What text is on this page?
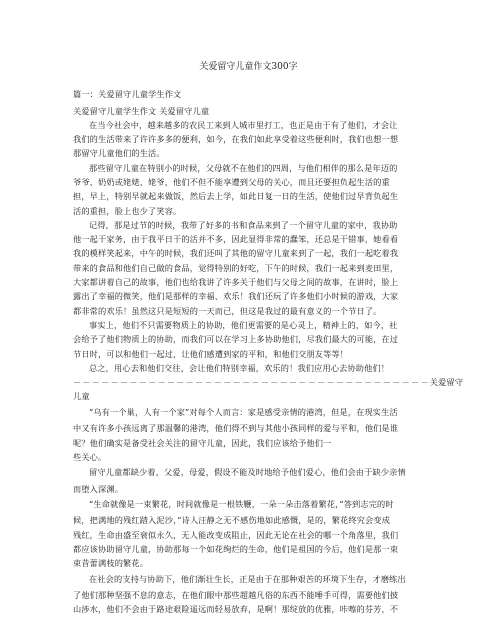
关爱留守儿童作文300字
篇一：关爱留守儿童学生作文
关爱留守儿童学生作文 关爱留守儿童
在当今社会中，越来越多的农民工来到人城市里打工，也正是由于有了他们，才会让
我们的生活带来了许许多多的便利，如今，在我们如此享受着这些便利时，我们也想一想
那留守儿童他们的生活。
那些留守儿童在特别小的时候，父母就不在他们的四周，与他们相伴的那么是年迈的
爷爷、奶奶或姥姥、姥爷，他们不但不能享遭到父母的关心，而且还要担负起生活的重
担，早上，特别早就起来做饭，然后去上学，如此日复一日的生活，使他们过早背负起生
活的重担，脸上也少了笑容。
记得，那是过节的时候，我带了好多的书和食品来到了一个留守儿童的家中，我协助
他一起干家务，由于我平日干的活并不多，因此显得非常的蠢笨，还总是干错事，她看看
我的模样笑起来，中午的时候，我们还叫了其他的留守儿童来到了一起，我们一起吃着我
带来的食品和他们自己做的食品，觉得特别的好吃，下午的时候，我们一起来到麦田里，
大家都讲着自己的故事，他们也给我讲了许多关于他们与父母之间的故事，在讲时，脸上
露出了幸福的微笑，他们是那样的幸福、欢乐！我们还玩了许多他们小时候的游戏，大家
都非常的欢乐！虽然这只是短短的一天而已，但这是我过的最有意义的一个节日了。
事实上，他们不只需要物质上的协助，他们更需要的是心灵上，精神上的，如今，社
会给予了他们物质上的协助，而我们可以在学习上多协助他们，尽我们最大的可能，在过
节日时，可以和他们一起过，让他们感遭到家的平和，和他们交朋友等等！
总之，用心去和他们交往，会让他们特别幸福，欢乐的！我们应用心去协助他们！
－－－－－－－－－－－－－－－－－－－－－－－－－－－－－－－－－－－－－－ 关爱留守
儿童
“乌有一个巢，人有一个家”对每个人而言：家是感受亲情的港湾，但是，在现实生活
中又有许多小孩远离了那温馨的港湾，他们得不到与其他小孩同样的爱与平和，他们是谁
呢？他们确实是备受社会关注的留守儿童，因此，我们应该给予他们一
些关心。
留守儿童都缺少着，父爱，母爱，假设不能及时地给予他们爱心，他们会由于缺少亲情
而堕入深渊。
“生命就像是一束繁花，时间就像是一根铁鞭，一朵一朵击落着繁花，”答到志完的时
候，把满地的残红踏入泥沙，”诗人汪静之无不感伤地如此感慨，是的，繁花终究会变成
残红，生命由盛至衰似永久，无人能改变成阻止，因此无论在社会的哪一个角落里，我们
都应该协助留守儿童，协助那每一个如花绚烂的生命，他们是祖国的今后，他们是那一束
束昔蕾满枝的繁花。
在社会的支持与协助下，他们渐壮生长，正是由于在那种艰苦的环境下生存，才磨练出
了他们那种坚强不息的意志，在他们眼中那些超越凡俗的东西不能唾手可得，需要他们披
山涉水，他们不会由于路途艰险遥远而轻易放弃，是啊！那绽放的优雅，咔嚓的芬芳，不
